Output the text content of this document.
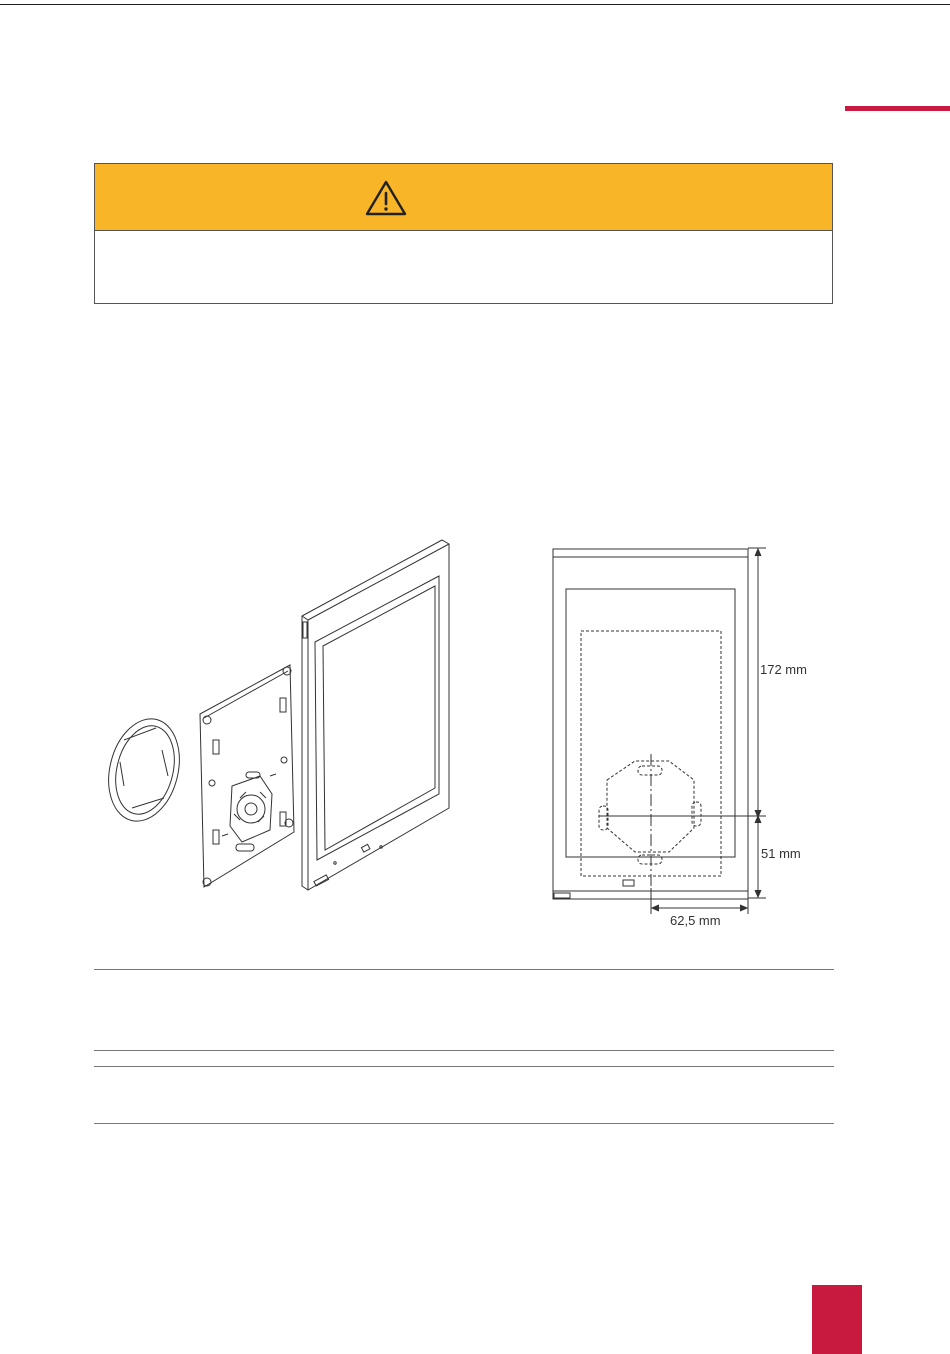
172 mm
51 mm
62,5 mm
